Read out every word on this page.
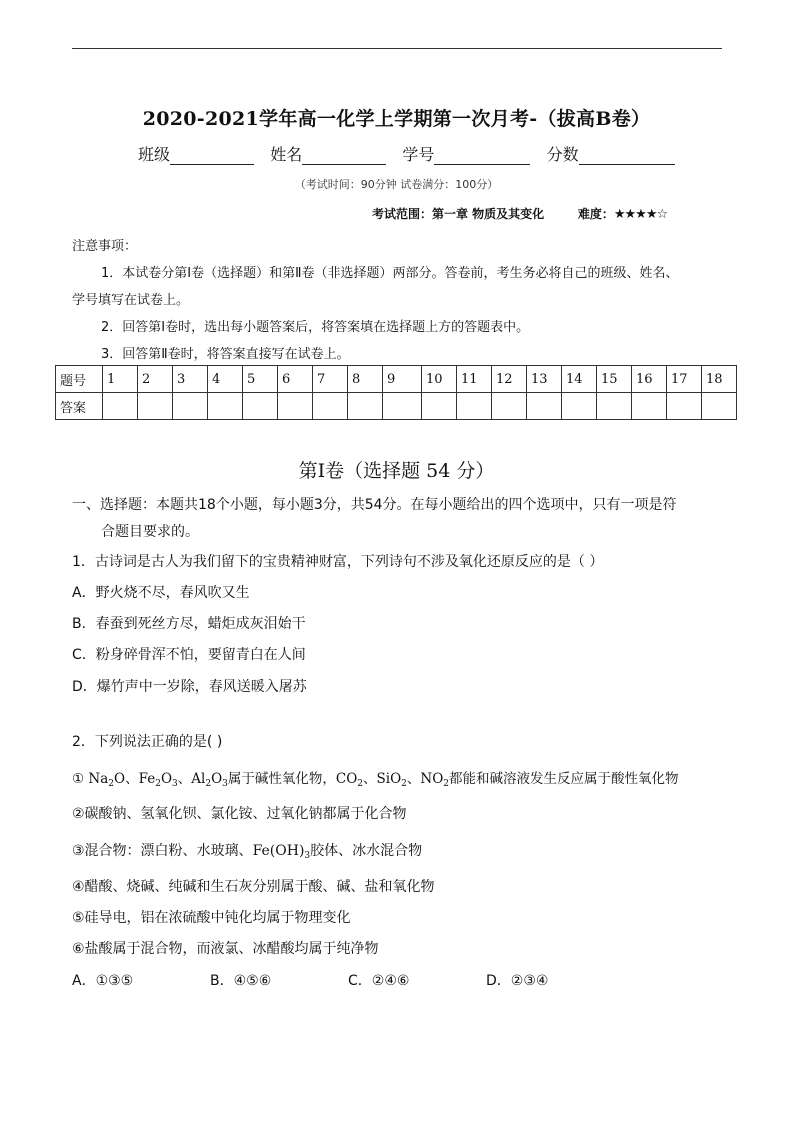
2020-2021学年高一化学上学期第一次月考-（拔高B卷）
班级	姓名	学号	分数
（考试时间：90分钟 试卷满分：100分）
考试范围：第一章 物质及其变化	难度：★★★★☆
注意事项：
1．本试卷分第Ⅰ卷（选择题）和第Ⅱ卷（非选择题）两部分。答卷前，考生务必将自己的班级、姓名、
学号填写在试卷上。
2．回答第Ⅰ卷时，选出每小题答案后，将答案填在选择题上方的答题表中。
3．回答第Ⅱ卷时，将答案直接写在试卷上。
题号	1	2	3	4	5	6	7	8	9	10	11	12	13	14	15	16	17	18
答案																		
第Ⅰ卷（选择题 54 分）
一、选择题：本题共18个小题，每小题3分，共54分。在每小题给出的四个选项中，只有一项是符
合题目要求的。
1．古诗词是古人为我们留下的宝贵精神财富，下列诗句不涉及氧化还原反应的是（ ）
A．野火烧不尽，春风吹又生
B．春蚕到死丝方尽，蜡炬成灰泪始干
C．粉身碎骨浑不怕，要留青白在人间
D．爆竹声中一岁除，春风送暖入屠苏
2．下列说法正确的是( )
① $Na_2O$、$Fe_2O_3$、$Al_2O_3$属于碱性氧化物，$CO_2$、SiO$_2$、$NO_2$都能和碱溶液发生反应属于酸性氧化物
②碳酸钠、氢氧化钡、氯化铵、过氧化钠都属于化合物
③混合物：漂白粉、水玻璃、$Fe(OH)_3$胶体、冰水混合物
④醋酸、烧碱、纯碱和生石灰分别属于酸、碱、盐和氧化物
⑤硅导电，铝在浓硫酸中钝化均属于物理变化
⑥盐酸属于混合物，而液氯、冰醋酸均属于纯净物
A．①③⑤	B．④⑤⑥	C．②④⑥	D．②③④
